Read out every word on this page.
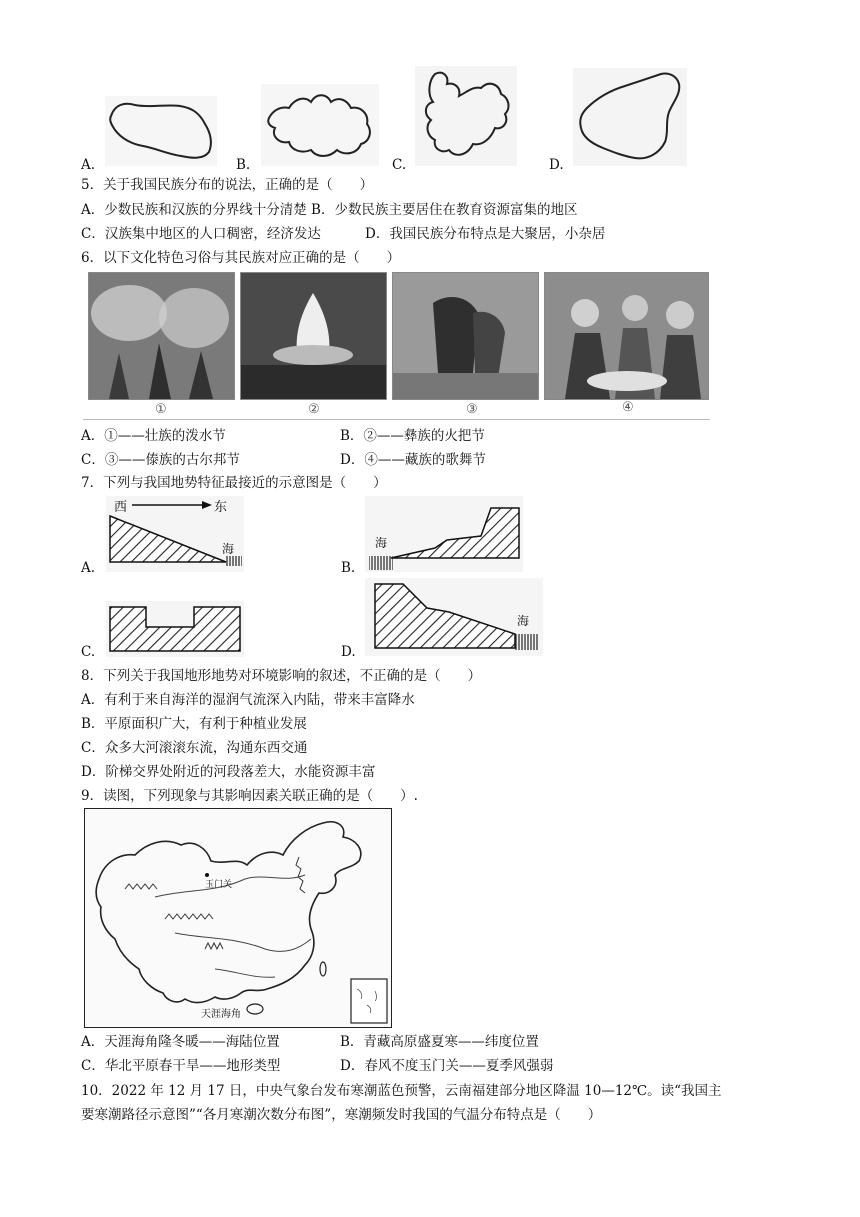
A.	B.	C.	D.
5．关于我国民族分布的说法，正确的是（　　）
A．少数民族和汉族的分界线十分清楚 B．少数民族主要居住在教育资源富集的地区
C．汉族集中地区的人口稠密，经济发达	D．我国民族分布特点是大聚居，小杂居
6．以下文化特色习俗与其民族对应正确的是（　　）
①	②	③	④
A．①——壮族的泼水节	B．②——彝族的火把节
C．③——傣族的古尔邦节	D．④——藏族的歌舞节
7．下列与我国地势特征最接近的示意图是（　　）
西	东
海
A.
海
B.
C.
海
D.
8．下列关于我国地形地势对环境影响的叙述，不正确的是（　　）
A．有利于来自海洋的湿润气流深入内陆，带来丰富降水
B．平原面积广大，有利于种植业发展
C．众多大河滚滚东流，沟通东西交通
D．阶梯交界处附近的河段落差大，水能资源丰富
9．读图，下列现象与其影响因素关联正确的是（　　）.
玉门关
天涯海角
A．天涯海角隆冬暖——海陆位置	B．青藏高原盛夏寒——纬度位置
C．华北平原春干旱——地形类型	D．春风不度玉门关——夏季风强弱
10．2022 年 12 月 17 日，中央气象台发布寒潮蓝色预警，云南福建部分地区降温 10—12℃。读“我国主
要寒潮路径示意图”“各月寒潮次数分布图”，寒潮频发时我国的气温分布特点是（　　）
